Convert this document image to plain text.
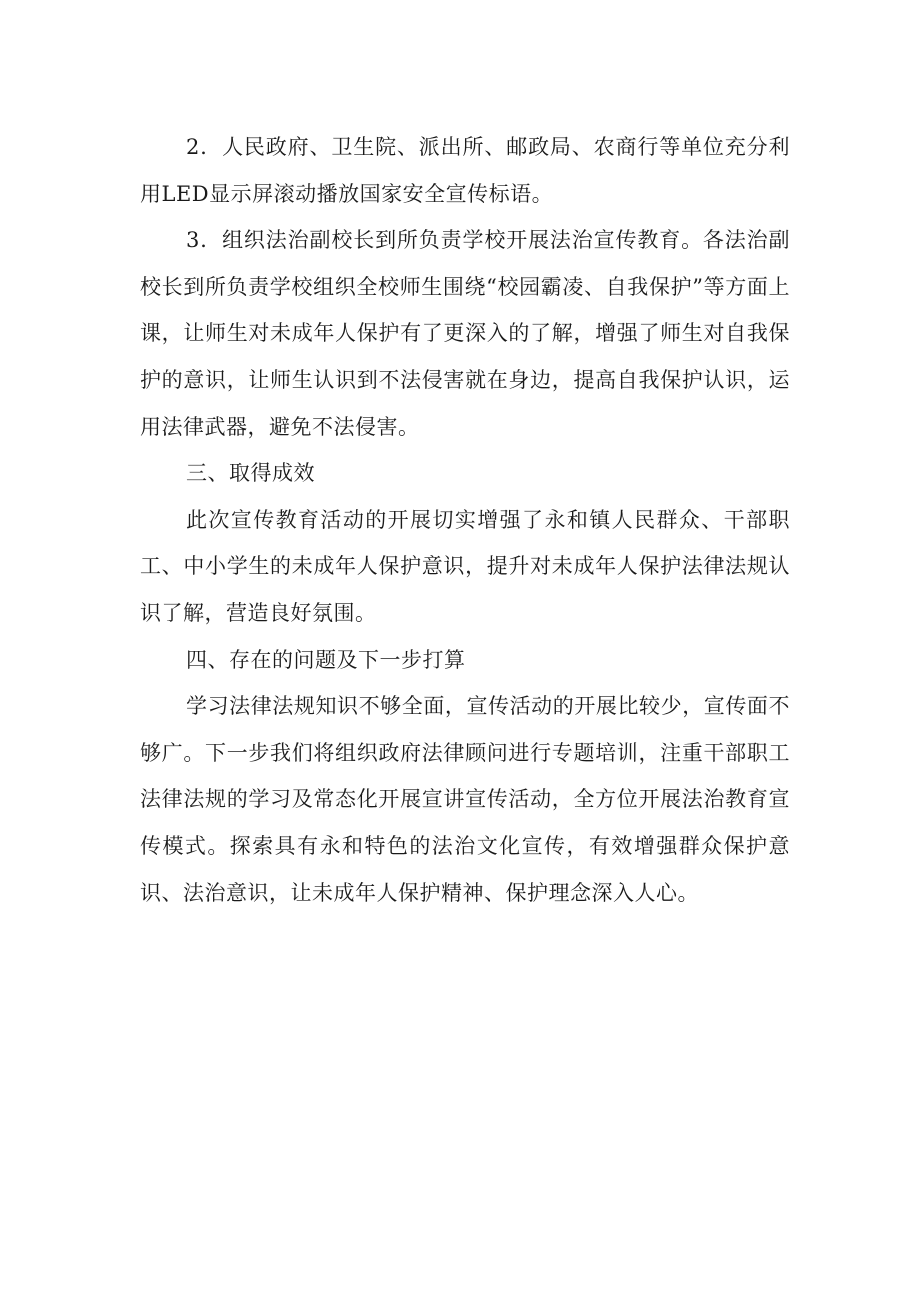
2．人民政府、卫生院、派出所、邮政局、农商行等单位充分利用LED显示屏滚动播放国家安全宣传标语。

3．组织法治副校长到所负责学校开展法治宣传教育。各法治副校长到所负责学校组织全校师生围绕“校园霸凌、自我保护”等方面上课，让师生对未成年人保护有了更深入的了解，增强了师生对自我保护的意识，让师生认识到不法侵害就在身边，提高自我保护认识，运用法律武器，避免不法侵害。

三、取得成效

此次宣传教育活动的开展切实增强了永和镇人民群众、干部职工、中小学生的未成年人保护意识，提升对未成年人保护法律法规认识了解，营造良好氛围。

四、存在的问题及下一步打算

学习法律法规知识不够全面，宣传活动的开展比较少，宣传面不够广。下一步我们将组织政府法律顾问进行专题培训，注重干部职工法律法规的学习及常态化开展宣讲宣传活动，全方位开展法治教育宣传模式。探索具有永和特色的法治文化宣传，有效增强群众保护意识、法治意识，让未成年人保护精神、保护理念深入人心。
